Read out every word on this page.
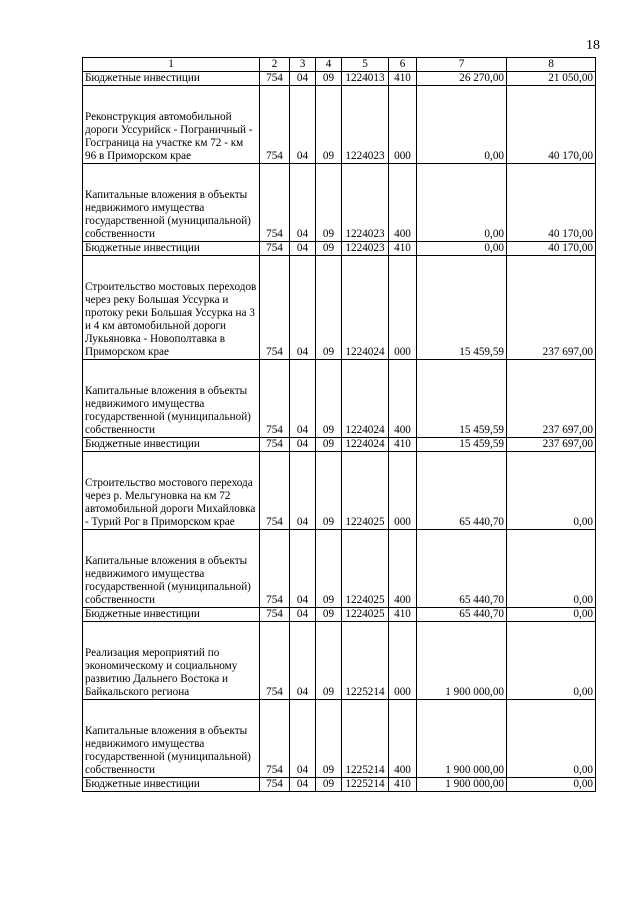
18
1	2	3	4	5	6	7	8
Бюджетные инвестиции	754	04	09	1224013	410	26 270,00	21 050,00
Реконструкция автомобильной дороги Уссурийск - Пограничный - Госграница на участке км 72 - км 96 в Приморском крае	754	04	09	1224023	000	0,00	40 170,00
Капитальные вложения в объекты недвижимого имущества государственной (муниципальной) собственности	754	04	09	1224023	400	0,00	40 170,00
Бюджетные инвестиции	754	04	09	1224023	410	0,00	40 170,00
Строительство мостовых переходов через реку Большая Уссурка и протоку реки Большая Уссурка на 3 и 4 км автомобильной дороги Лукьяновка - Новополтавка в Приморском крае	754	04	09	1224024	000	15 459,59	237 697,00
Капитальные вложения в объекты недвижимого имущества государственной (муниципальной) собственности	754	04	09	1224024	400	15 459,59	237 697,00
Бюджетные инвестиции	754	04	09	1224024	410	15 459,59	237 697,00
Строительство мостового перехода через р. Мельгуновка на км 72 автомобильной дороги Михайловка - Турий Рог в Приморском крае	754	04	09	1224025	000	65 440,70	0,00
Капитальные вложения в объекты недвижимого имущества государственной (муниципальной) собственности	754	04	09	1224025	400	65 440,70	0,00
Бюджетные инвестиции	754	04	09	1224025	410	65 440,70	0,00
Реализация мероприятий по экономическому и социальному развитию Дальнего Востока и Байкальского региона	754	04	09	1225214	000	1 900 000,00	0,00
Капитальные вложения в объекты недвижимого имущества государственной (муниципальной) собственности	754	04	09	1225214	400	1 900 000,00	0,00
Бюджетные инвестиции	754	04	09	1225214	410	1 900 000,00	0,00
